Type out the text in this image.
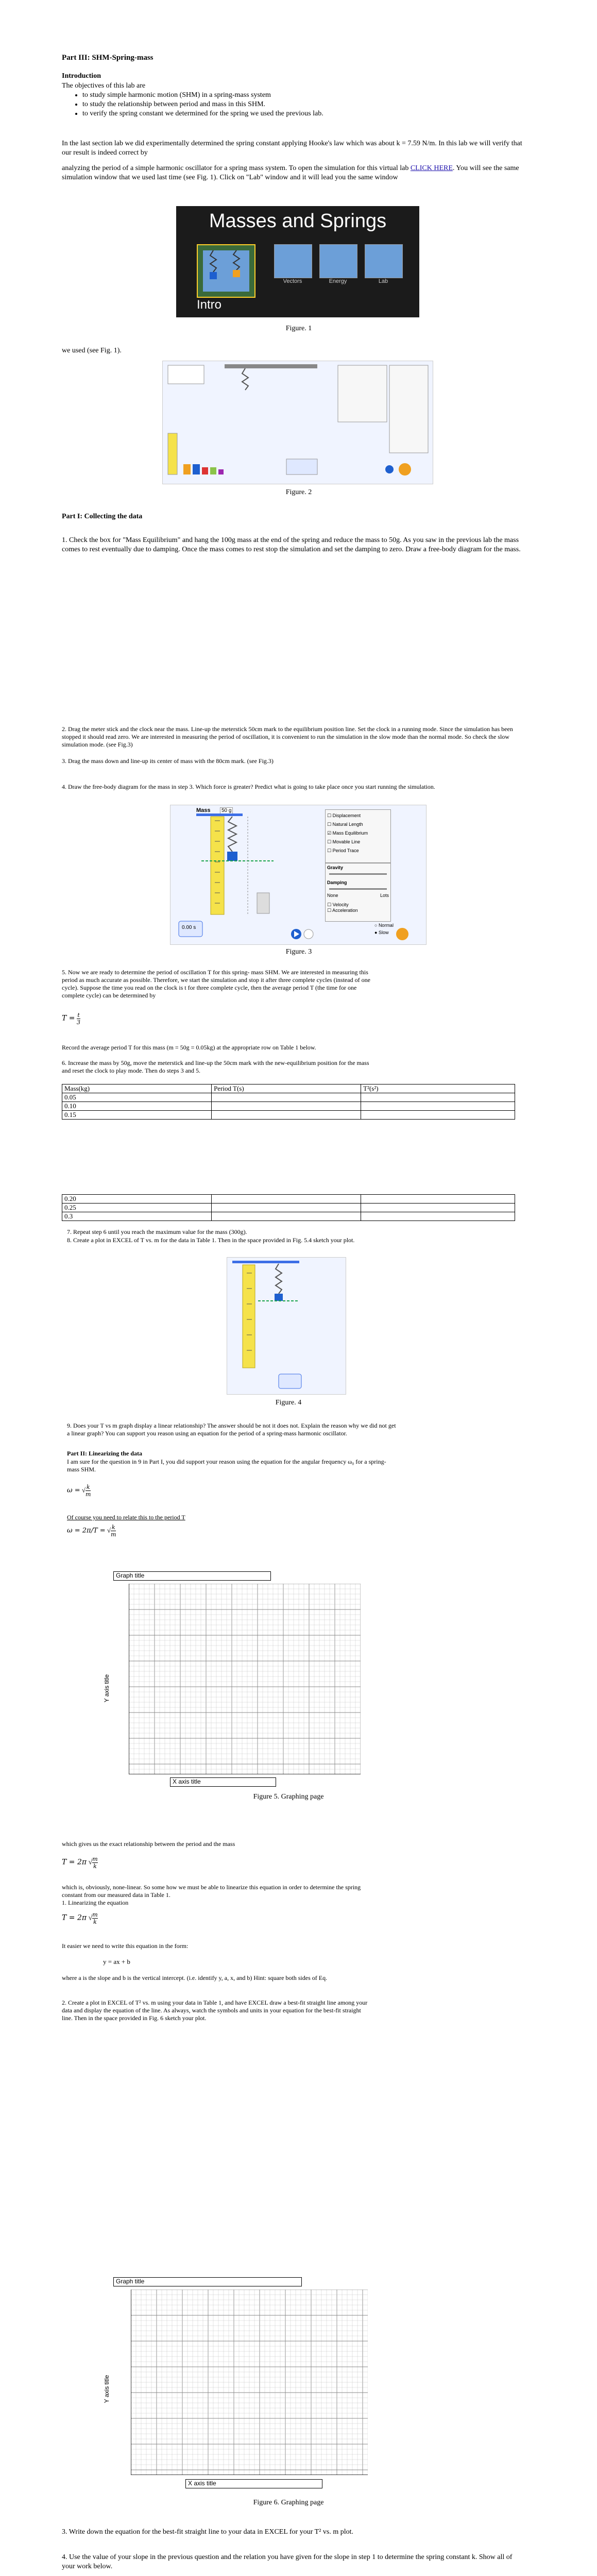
Part III: SHM-Spring-mass
Introduction
The objectives of this lab are
• to study simple harmonic motion (SHM) in a spring-mass system
• to study the relationship between period and mass in this SHM.
• to verify the spring constant we determined for the spring we used the previous lab.
In the last section lab we did experimentally determined the spring constant applying Hooke's law which was about k = 7.59 N/m. In this lab we will verify that our result is indeed correct by
analyzing the period of a simple harmonic oscillator for a spring mass system. To open the simulation for this virtual lab CLICK HERE. You will see the same simulation window that we used last time (see Fig. 1). Click on "Lab" window and it will lead you the same window
Masses and Springs
Intro
Vectors	Energy	Lab
Figure. 1
we used (see Fig. 1).
Figure. 2
Part I: Collecting the data
1. Check the box for "Mass Equilibrium" and hang the 100g mass at the end of the spring and reduce the mass to 50g. As you saw in the previous lab the mass comes to rest eventually due to damping. Once the mass comes to rest stop the simulation and set the damping to zero. Draw a free-body diagram for the mass.
2. Drag the meter stick and the clock near the mass. Line-up the meterstick 50cm mark to the equilibrium position line. Set the clock in a running mode. Since the simulation has been stopped it should read zero. We are interested in measuring the period of oscillation, it is convenient to run the simulation in the slow mode than the normal mode. So check the slow simulation mode. (see Fig.3)
3. Drag the mass down and line-up its center of mass with the 80cm mark. (see Fig.3)
4. Draw the free-body diagram for the mass in step 3. Which force is greater? Predict what is going to take place once you start running the simulation.
Mass	50 g
0.00 s
☐ Displacement
☐ Natural Length
☑ Mass Equilibrium
☐ Movable Line
☐ Period Trace
Gravity
Damping
None	Lots
☐ Velocity
☐ Acceleration
○ Normal
● Slow
Figure. 3
5. Now we are ready to determine the period of oscillation T for this spring- mass SHM. We are interested in measuring this period as much accurate as possible. Therefore, we start the simulation and stop it after three complete cycles (instead of one cycle). Suppose the time you read on the clock is t for three complete cycle, then the average period T (the time for one complete cycle) can be determined by
$T = \frac{t}{3}$
Record the average period T for this mass (m = 50g = 0.05kg) at the appropriate row on Table 1 below.
6. Increase the mass by 50g, move the meterstick and line-up the 50cm mark with the new-equilibrium position for the mass and reset the clock to play mode. Then do steps 3 and 5.
Mass(kg)	Period T(s)	T²(s²)
0.05		
0.10		
0.15		
0.20		
0.25		
0.3		
7. Repeat step 6 until you reach the maximum value for the mass (300g).
8. Create a plot in EXCEL of T vs. m for the data in Table 1. Then in the space provided in Fig. 5.4 sketch your plot.
Figure. 4
9. Does your T vs m graph display a linear relationship? The answer should be not it does not. Explain the reason why we did not get a linear graph? You can support you reason using an equation for the period of a spring-mass harmonic oscillator.
Part II: Linearizing the data
I am sure for the question in 9 in Part I, you did support your reason using the equation for the angular frequency ω₀ for a spring-mass SHM.
ω = √ $\frac{k}{m}$
Of course you need to relate this to the period T
ω = 2π/T = √ $\frac{k}{m}$
Graph title
Y axis title
X axis title
Figure 5. Graphing page
which gives us the exact relationship between the period and the mass
T = 2π √ $\frac{m}{k}$
which is, obviously, none-linear. So some how we must be able to linearize this equation in order to determine the spring constant from our measured data in Table 1.
1. Linearizing the equation
T = 2π √ $\frac{m}{k}$
It easier we need to write this equation in the form:
y = ax + b
where a is the slope and b is the vertical intercept. (i.e. identify y, a, x, and b) Hint: square both sides of Eq.
2. Create a plot in EXCEL of T² vs. m using your data in Table 1, and have EXCEL draw a best-fit straight line among your data and display the equation of the line. As always, watch the symbols and units in your equation for the best-fit straight line. Then in the space provided in Fig. 6 sketch your plot.
Graph title
Y axis title
X axis title
Figure 6. Graphing page
3. Write down the equation for the best-fit straight line to your data in EXCEL for your T² vs. m plot.
4. Use the value of your slope in the previous question and the relation you have given for the slope in step 1 to determine the spring constant k. Show all of your work below.
